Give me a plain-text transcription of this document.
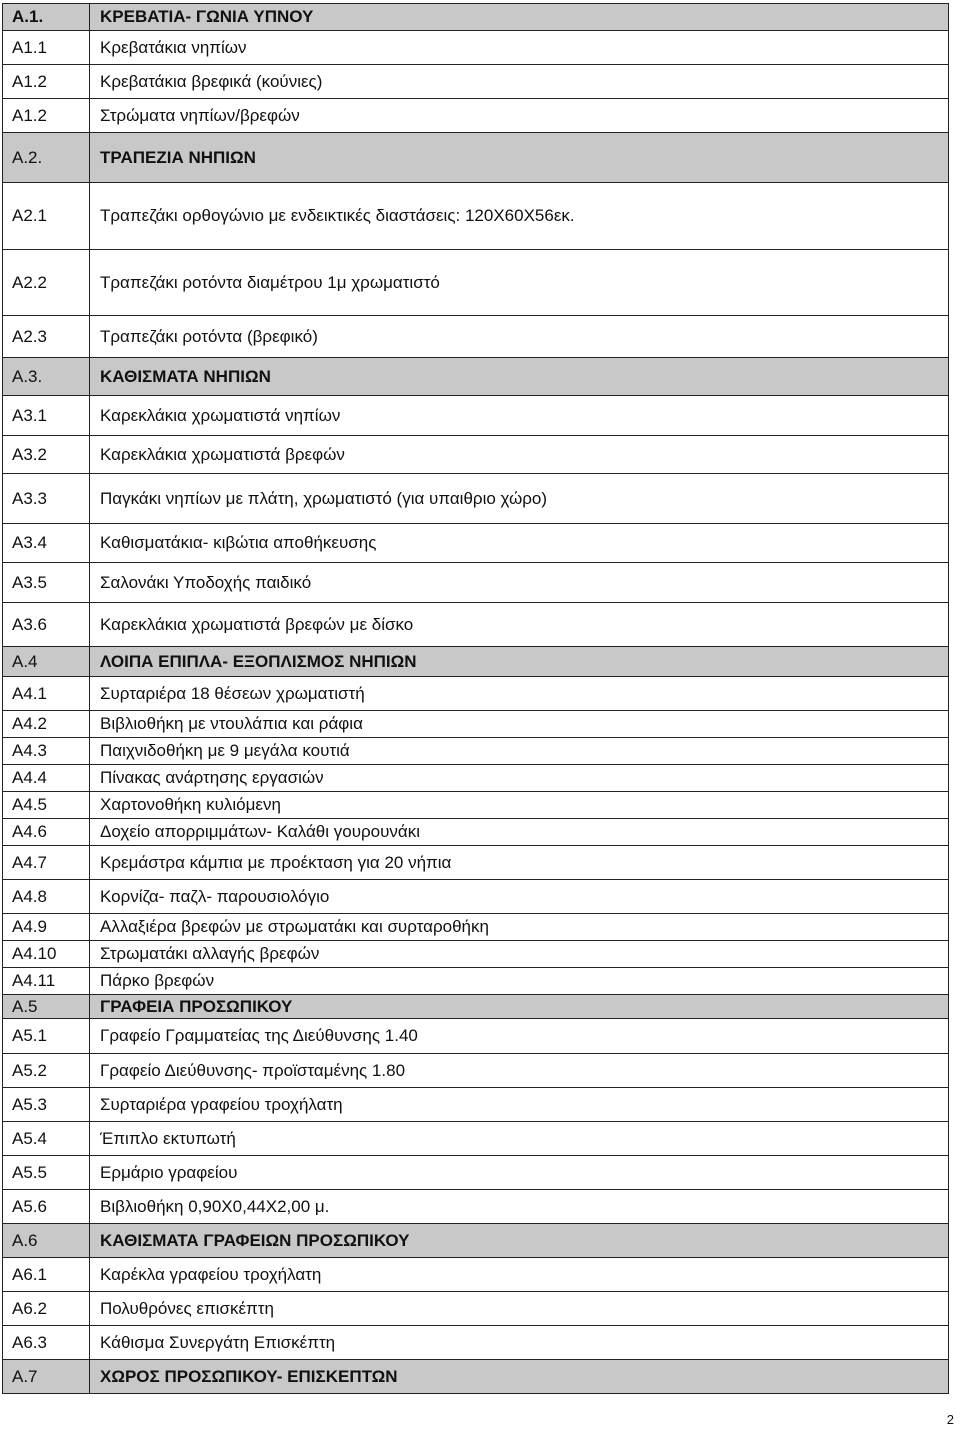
Α.1.	ΚΡΕΒΑΤΙΑ- ΓΩΝΙΑ ΥΠΝΟΥ
Α1.1	Κρεβατάκια νηπίων
Α1.2	Κρεβατάκια βρεφικά (κούνιες)
Α1.2	Στρώματα νηπίων/βρεφών
Α.2.	ΤΡΑΠΕΖΙΑ ΝΗΠΙΩΝ
Α2.1	Τραπεζάκι ορθογώνιο με ενδεικτικές διαστάσεις: 120Χ60Χ56εκ.
Α2.2	Τραπεζάκι ροτόντα διαμέτρου 1μ χρωματιστό
Α2.3	Τραπεζάκι ροτόντα (βρεφικό)
Α.3.	ΚΑΘΙΣΜΑΤΑ ΝΗΠΙΩΝ
Α3.1	Καρεκλάκια χρωματιστά νηπίων
Α3.2	Καρεκλάκια χρωματιστά βρεφών
Α3.3	Παγκάκι νηπίων με πλάτη, χρωματιστό (για υπαιθριο χώρο)
Α3.4	Καθισματάκια- κιβώτια αποθήκευσης
Α3.5	Σαλονάκι Υποδοχής παιδικό
Α3.6	Καρεκλάκια χρωματιστά βρεφών με δίσκο
Α.4	ΛΟΙΠΑ ΕΠΙΠΛΑ- ΕΞΟΠΛΙΣΜΟΣ ΝΗΠΙΩΝ
Α4.1	Συρταριέρα 18 θέσεων χρωματιστή
Α4.2	Βιβλιοθήκη με ντουλάπια και ράφια
Α4.3	Παιχνιδοθήκη με 9 μεγάλα κουτιά
Α4.4	Πίνακας ανάρτησης εργασιών
Α4.5	Χαρτονοθήκη κυλιόμενη
Α4.6	Δοχείο απορριμμάτων- Καλάθι γουρουνάκι
Α4.7	Κρεμάστρα κάμπια με προέκταση για 20 νήπια
Α4.8	Κορνίζα- παζλ- παρουσιολόγιο
Α4.9	Αλλαξιέρα βρεφών με στρωματάκι και συρταροθήκη
Α4.10	Στρωματάκι αλλαγής βρεφών
Α4.11	Πάρκο βρεφών
Α.5	ΓΡΑΦΕΙΑ ΠΡΟΣΩΠΙΚΟΥ
Α5.1	Γραφείο Γραμματείας της Διεύθυνσης 1.40
Α5.2	Γραφείο Διεύθυνσης- προϊσταμένης 1.80
Α5.3	Συρταριέρα γραφείου τροχήλατη
Α5.4	Έπιπλο εκτυπωτή
Α5.5	Ερμάριο γραφείου
Α5.6	Βιβλιοθήκη 0,90Χ0,44Χ2,00 μ.
Α.6	ΚΑΘΙΣΜΑΤΑ ΓΡΑΦΕΙΩΝ ΠΡΟΣΩΠΙΚΟΥ
Α6.1	Καρέκλα γραφείου τροχήλατη
Α6.2	Πολυθρόνες επισκέπτη
Α6.3	Κάθισμα Συνεργάτη Επισκέπτη
Α.7	ΧΩΡΟΣ ΠΡΟΣΩΠΙΚΟΥ- ΕΠΙΣΚΕΠΤΩΝ
2
